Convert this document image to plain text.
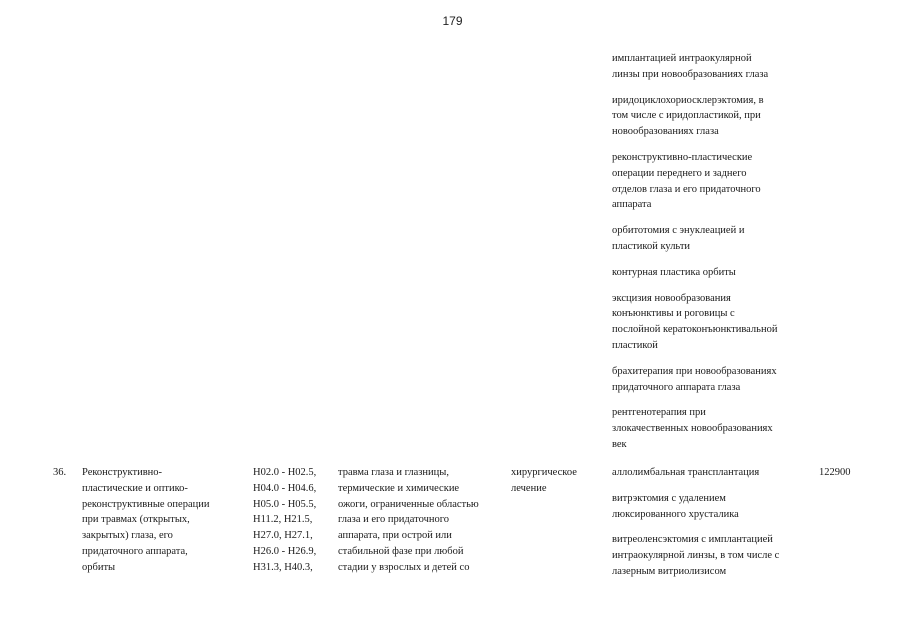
179

имплантацией интраокулярной
линзы при новообразованиях глаза

иридоциклохориосклерэктомия, в
том числе с иридопластикой, при
новообразованиях глаза

реконструктивно-пластические
операции переднего и заднего
отделов глаза и его придаточного
аппарата

орбитотомия с энуклеацией и
пластикой культи

контурная пластика орбиты

эксцизия новообразования
конъюнктивы и роговицы с
послойной кератоконъюнктивальной
пластикой

брахитерапия при новообразованиях
придаточного аппарата глаза

рентгенотерапия при
злокачественных новообразованиях
век

36.	Реконструктивно-
пластические и оптико-
реконструктивные операции
при травмах (открытых,
закрытых) глаза, его
придаточного аппарата,
орбиты
H02.0 - H02.5,
H04.0 - H04.6,
H05.0 - H05.5,
H11.2, H21.5,
H27.0, H27.1,
H26.0 - H26.9,
H31.3, H40.3,
травма глаза и глазницы,
термические и химические
ожоги, ограниченные областью
глаза и его придаточного
аппарата, при острой или
стабильной фазе при любой
стадии у взрослых и детей со
хирургическое
лечение

аллолимбальная трансплантация

витрэктомия с удалением
люксированного хрусталика

витреоленсэктомия с имплантацией
интраокулярной линзы, в том числе с
лазерным витриолизисом

122900
